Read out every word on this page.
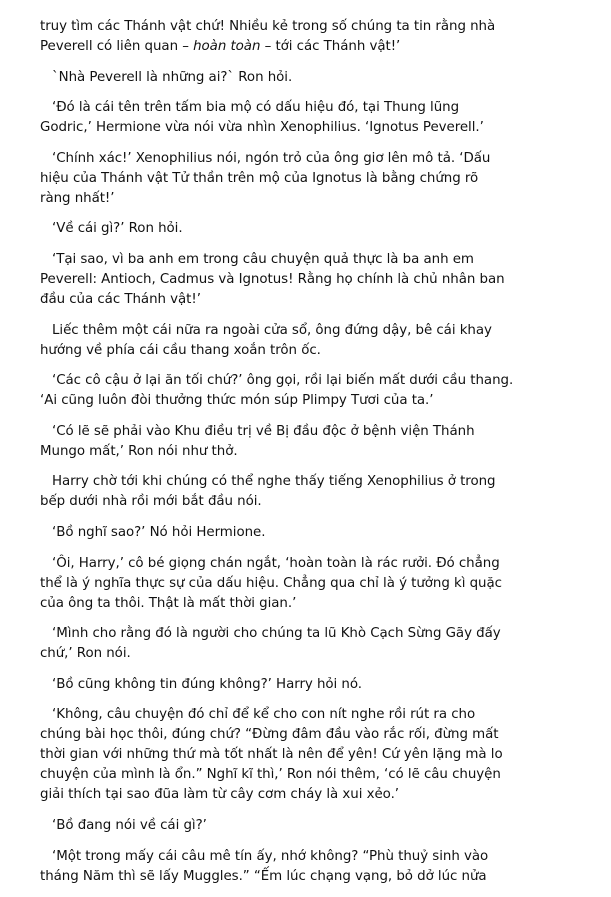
truy tìm các Thánh vật chứ! Nhiều kẻ trong số chúng ta tin rằng nhà
Peverell có liên quan – hoàn toàn – tới các Thánh vật!’

`Nhà Peverell là những ai?` Ron hỏi.

‘Đó là cái tên trên tấm bia mộ có dấu hiệu đó, tại Thung lũng
Godric,’ Hermione vừa nói vừa nhìn Xenophilius. ‘Ignotus Peverell.’

‘Chính xác!’ Xenophilius nói, ngón trỏ của ông giơ lên mô tả. ‘Dấu
hiệu của Thánh vật Tử thần trên mộ của Ignotus là bằng chứng rõ
ràng nhất!’

‘Về cái gì?’ Ron hỏi.

‘Tại sao, vì ba anh em trong câu chuyện quả thực là ba anh em
Peverell: Antioch, Cadmus và Ignotus! Rằng họ chính là chủ nhân ban
đầu của các Thánh vật!’

Liếc thêm một cái nữa ra ngoài cửa sổ, ông đứng dậy, bê cái khay
hướng về phía cái cầu thang xoắn trôn ốc.

‘Các cô cậu ở lại ăn tối chứ?’ ông gọi, rồi lại biến mất dưới cầu thang.
‘Ai cũng luôn đòi thưởng thức món súp Plimpy Tươi của ta.’

‘Có lẽ sẽ phải vào Khu điều trị về Bị đầu độc ở bệnh viện Thánh
Mungo mất,’ Ron nói như thở.

Harry chờ tới khi chúng có thể nghe thấy tiếng Xenophilius ở trong
bếp dưới nhà rồi mới bắt đầu nói.

‘Bồ nghĩ sao?’ Nó hỏi Hermione.

‘Ôi, Harry,’ cô bé giọng chán ngắt, ‘hoàn toàn là rác rưởi. Đó chẳng
thể là ý nghĩa thực sự của dấu hiệu. Chẳng qua chỉ là ý tưởng kì quặc
của ông ta thôi. Thật là mất thời gian.’

‘Mình cho rằng đó là người cho chúng ta lũ Khò Cạch Sừng Gãy đấy
chứ,’ Ron nói.

‘Bồ cũng không tin đúng không?’ Harry hỏi nó.

‘Không, câu chuyện đó chỉ để kể cho con nít nghe rồi rút ra cho
chúng bài học thôi, đúng chứ? “Đừng đâm đầu vào rắc rối, đừng mất
thời gian với những thứ mà tốt nhất là nên để yên! Cứ yên lặng mà lo
chuyện của mình là ổn.” Nghĩ kĩ thì,’ Ron nói thêm, ‘có lẽ câu chuyện
giải thích tại sao đũa làm từ cây cơm cháy là xui xẻo.’

‘Bồ đang nói về cái gì?’

‘Một trong mấy cái câu mê tín ấy, nhớ không? “Phù thuỷ sinh vào
tháng Năm thì sẽ lấy Muggles.” “Ếm lúc chạng vạng, bỏ dở lúc nửa
